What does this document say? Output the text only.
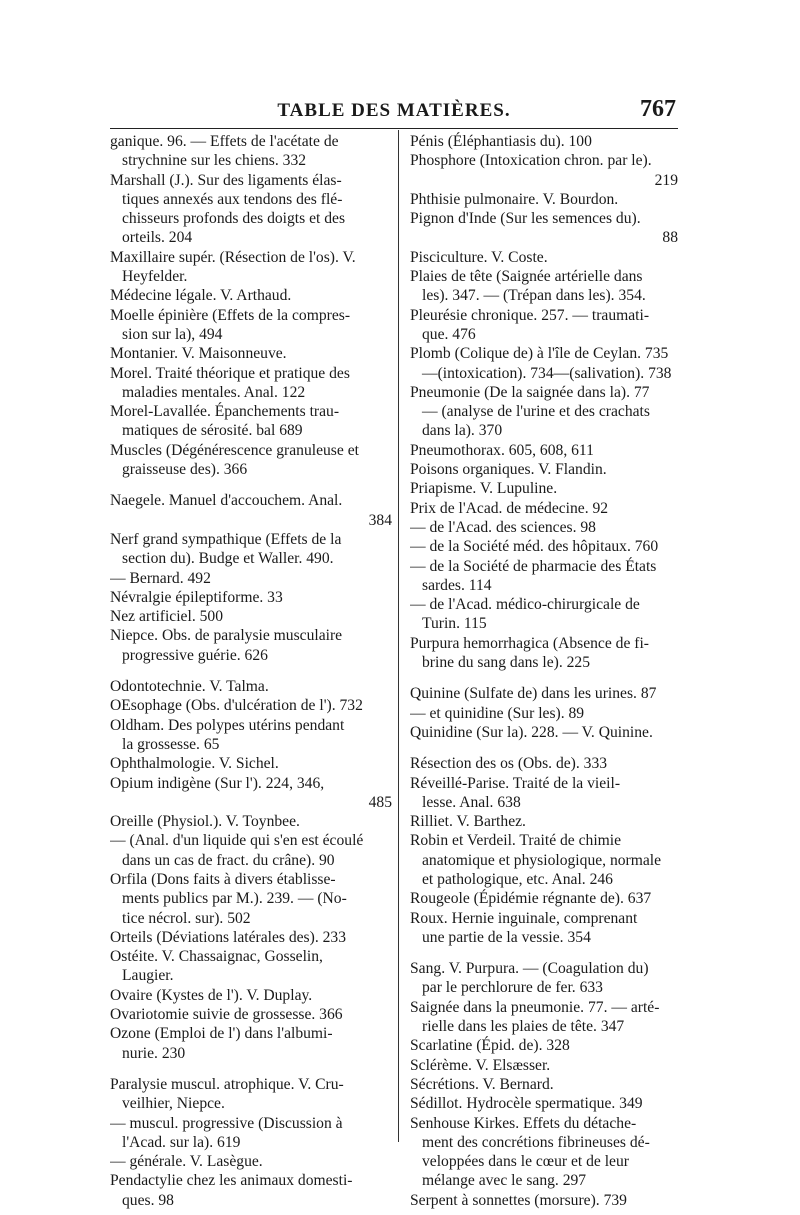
TABLE DES MATIÈRES.	767
ganique. 96. — Effets de l'acétate de
strychnine sur les chiens. 332
Marshall (J.). Sur des ligaments élas-
tiques annexés aux tendons des flé-
chisseurs profonds des doigts et des
orteils. 204
Maxillaire supér. (Résection de l'os). V.
Heyfelder.
Médecine légale. V. Arthaud.
Moelle épinière (Effets de la compres-
sion sur la), 494
Montanier. V. Maisonneuve.
Morel. Traité théorique et pratique des
maladies mentales. Anal. 122
Morel-Lavallée. Épanchements trau-
matiques de sérosité. bal 689
Muscles (Dégénérescence granuleuse et
graisseuse des). 366
Naegele. Manuel d'accouchem. Anal.
384
Nerf grand sympathique (Effets de la
section du). Budge et Waller. 490.
— Bernard. 492
Névralgie épileptiforme. 33
Nez artificiel. 500
Niepce. Obs. de paralysie musculaire
progressive guérie. 626
Odontotechnie. V. Talma.
OEsophage (Obs. d'ulcération de l'). 732
Oldham. Des polypes utérins pendant
la grossesse. 65
Ophthalmologie. V. Sichel.
Opium indigène (Sur l'). 224, 346,
485
Oreille (Physiol.). V. Toynbee.
— (Anal. d'un liquide qui s'en est écoulé
dans un cas de fract. du crâne). 90
Orfila (Dons faits à divers établisse-
ments publics par M.). 239. — (No-
tice nécrol. sur). 502
Orteils (Déviations latérales des). 233
Ostéite. V. Chassaignac, Gosselin,
Laugier.
Ovaire (Kystes de l'). V. Duplay.
Ovariotomie suivie de grossesse. 366
Ozone (Emploi de l') dans l'albumi-
nurie. 230
Paralysie muscul. atrophique. V. Cru-
veilhier, Niepce.
— muscul. progressive (Discussion à
l'Acad. sur la). 619
— générale. V. Lasègue.
Pendactylie chez les animaux domesti-
ques. 98
Pénis (Éléphantiasis du). 100
Phosphore (Intoxication chron. par le).
219
Phthisie pulmonaire. V. Bourdon.
Pignon d'Inde (Sur les semences du).
88
Pisciculture. V. Coste.
Plaies de tête (Saignée artérielle dans
les). 347. — (Trépan dans les). 354.
Pleurésie chronique. 257. — traumati-
que. 476
Plomb (Colique de) à l'île de Ceylan. 735
—(intoxication). 734—(salivation). 738
Pneumonie (De la saignée dans la). 77
— (analyse de l'urine et des crachats
dans la). 370
Pneumothorax. 605, 608, 611
Poisons organiques. V. Flandin.
Priapisme. V. Lupuline.
Prix de l'Acad. de médecine. 92
— de l'Acad. des sciences. 98
— de la Société méd. des hôpitaux. 760
— de la Société de pharmacie des États
sardes. 114
— de l'Acad. médico-chirurgicale de
Turin. 115
Purpura hemorrhagica (Absence de fi-
brine du sang dans le). 225
Quinine (Sulfate de) dans les urines. 87
— et quinidine (Sur les). 89
Quinidine (Sur la). 228. — V. Quinine.
Résection des os (Obs. de). 333
Réveillé-Parise. Traité de la vieil-
lesse. Anal. 638
Rilliet. V. Barthez.
Robin et Verdeil. Traité de chimie
anatomique et physiologique, normale
et pathologique, etc. Anal. 246
Rougeole (Épidémie régnante de). 637
Roux. Hernie inguinale, comprenant
une partie de la vessie. 354
Sang. V. Purpura. — (Coagulation du)
par le perchlorure de fer. 633
Saignée dans la pneumonie. 77. — arté-
rielle dans les plaies de tête. 347
Scarlatine (Épid. de). 328
Sclérème. V. Elsæsser.
Sécrétions. V. Bernard.
Sédillot. Hydrocèle spermatique. 349
Senhouse Kirkes. Effets du détache-
ment des concrétions fibrineuses dé-
veloppées dans le cœur et de leur
mélange avec le sang. 297
Serpent à sonnettes (morsure). 739
